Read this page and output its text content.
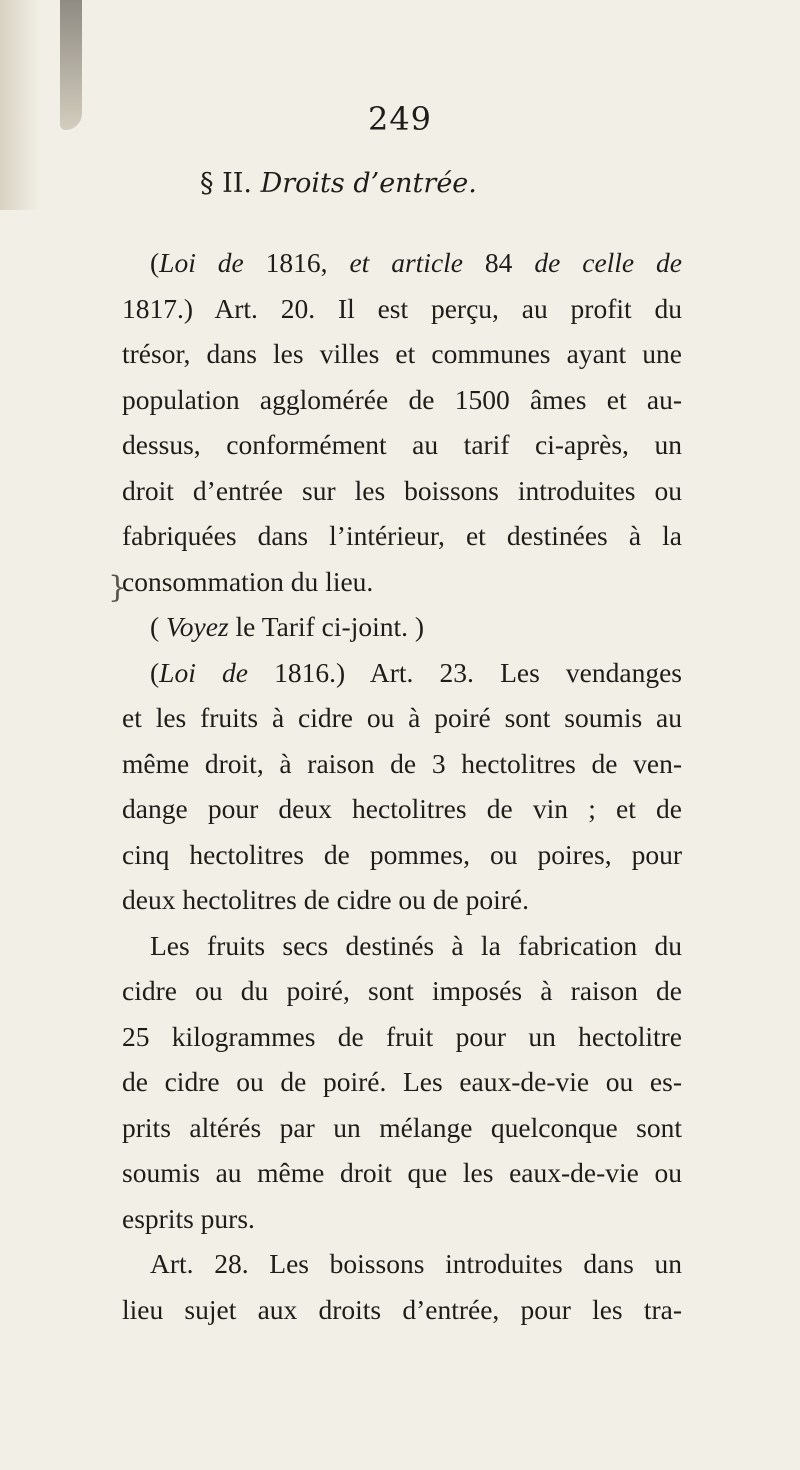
249
§ II. Droits d’entrée.
}
(Loi de 1816, et article 84 de celle de
1817.) Art. 20. Il est perçu, au profit du
trésor, dans les villes et communes ayant une
population agglomérée de 1500 âmes et au-
dessus, conformément au tarif ci-après, un
droit d’entrée sur les boissons introduites ou
fabriquées dans l’intérieur, et destinées à la
consommation du lieu.
( Voyez le Tarif ci-joint. )
(Loi de 1816.) Art. 23. Les vendanges
et les fruits à cidre ou à poiré sont soumis au
même droit, à raison de 3 hectolitres de ven-
dange pour deux hectolitres de vin ; et de
cinq hectolitres de pommes, ou poires, pour
deux hectolitres de cidre ou de poiré.
Les fruits secs destinés à la fabrication du
cidre ou du poiré, sont imposés à raison de
25 kilogrammes de fruit pour un hectolitre
de cidre ou de poiré. Les eaux-de-vie ou es-
prits altérés par un mélange quelconque sont
soumis au même droit que les eaux-de-vie ou
esprits purs.
Art. 28. Les boissons introduites dans un
lieu sujet aux droits d’entrée, pour les tra-
